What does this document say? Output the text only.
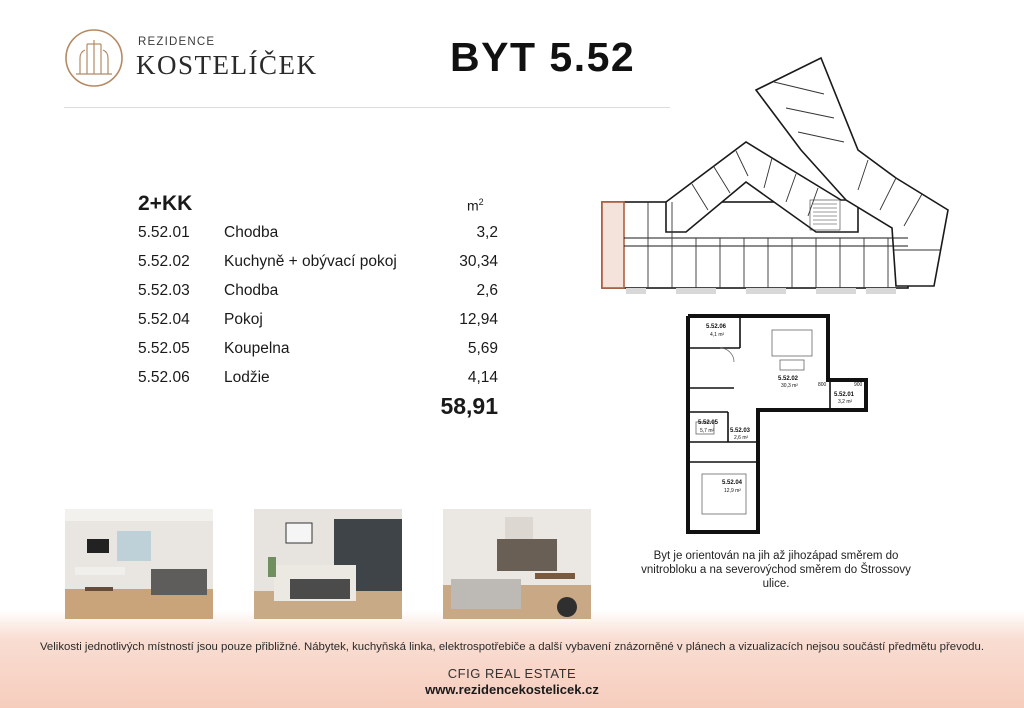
REZIDENCE
KOSTELÍČEK	BYT 5.52
2+KK	$m^2$
5.52.01 Chodba	3,2
5.52.02 Kuchyně + obývací pokoj	30,34
5.52.03 Chodba	2,6
5.52.04 Pokoj	12,94
5.52.05 Koupelna	5,69
5.52.06 Lodžie	4,14
58,91
5.52.06
4,1 m²
5.52.02
30,3 m²
5.52.05
5,7 m²	5.52.03
2,6 m²
5.52.01
3,2 m²
5.52.04
12,9 m²
800	900
Byt je orientován na jih až jihozápad směrem do vnitrobloku a na severovýchod směrem do Štrossovy ulice.
Velikosti jednotlivých místností jsou pouze přibližné. Nábytek, kuchyňská linka, elektrospotřebiče a další vybavení znázorněné v plánech a vizualizacích nejsou součástí předmětu převodu.
CFIG REAL ESTATE
www.rezidencekostelicek.cz
